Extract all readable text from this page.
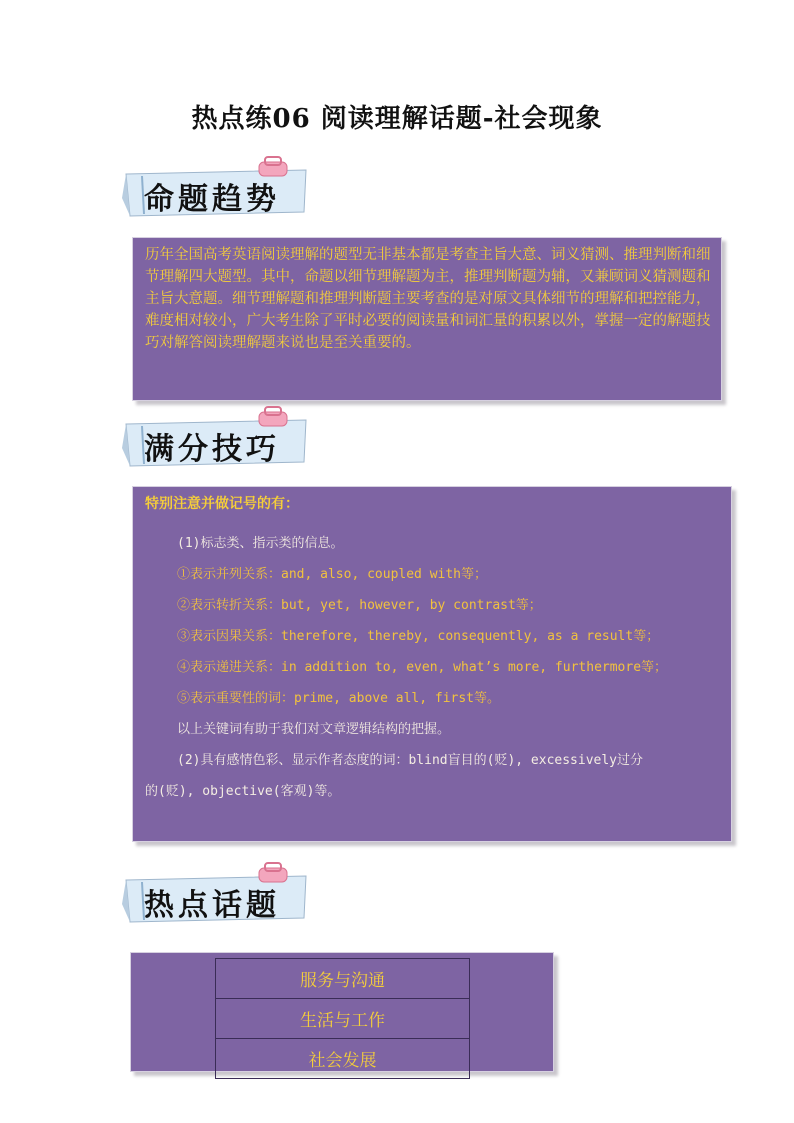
热点练06 阅读理解话题-社会现象
命题趋势
历年全国高考英语阅读理解的题型无非基本都是考查主旨大意、词义猜测、推理判断和细节理解四大题型。其中，命题以细节理解题为主，推理判断题为辅，又兼顾词义猜测题和主旨大意题。细节理解题和推理判断题主要考查的是对原文具体细节的理解和把控能力，难度相对较小，广大考生除了平时必要的阅读量和词汇量的积累以外，掌握一定的解题技巧对解答阅读理解题来说也是至关重要的。
满分技巧
特别注意并做记号的有：
(1)标志类、指示类的信息。
①表示并列关系：and, also, coupled with等；
②表示转折关系：but, yet, however, by contrast等；
③表示因果关系：therefore, thereby, consequently, as a result等；
④表示递进关系：in addition to, even, what’s more, furthermore等；
⑤表示重要性的词：prime, above all, first等。
以上关键词有助于我们对文章逻辑结构的把握。
(2)具有感情色彩、显示作者态度的词：blind盲目的(贬), excessively过分
的(贬), objective(客观)等。
热点话题
服务与沟通
生活与工作
社会发展
